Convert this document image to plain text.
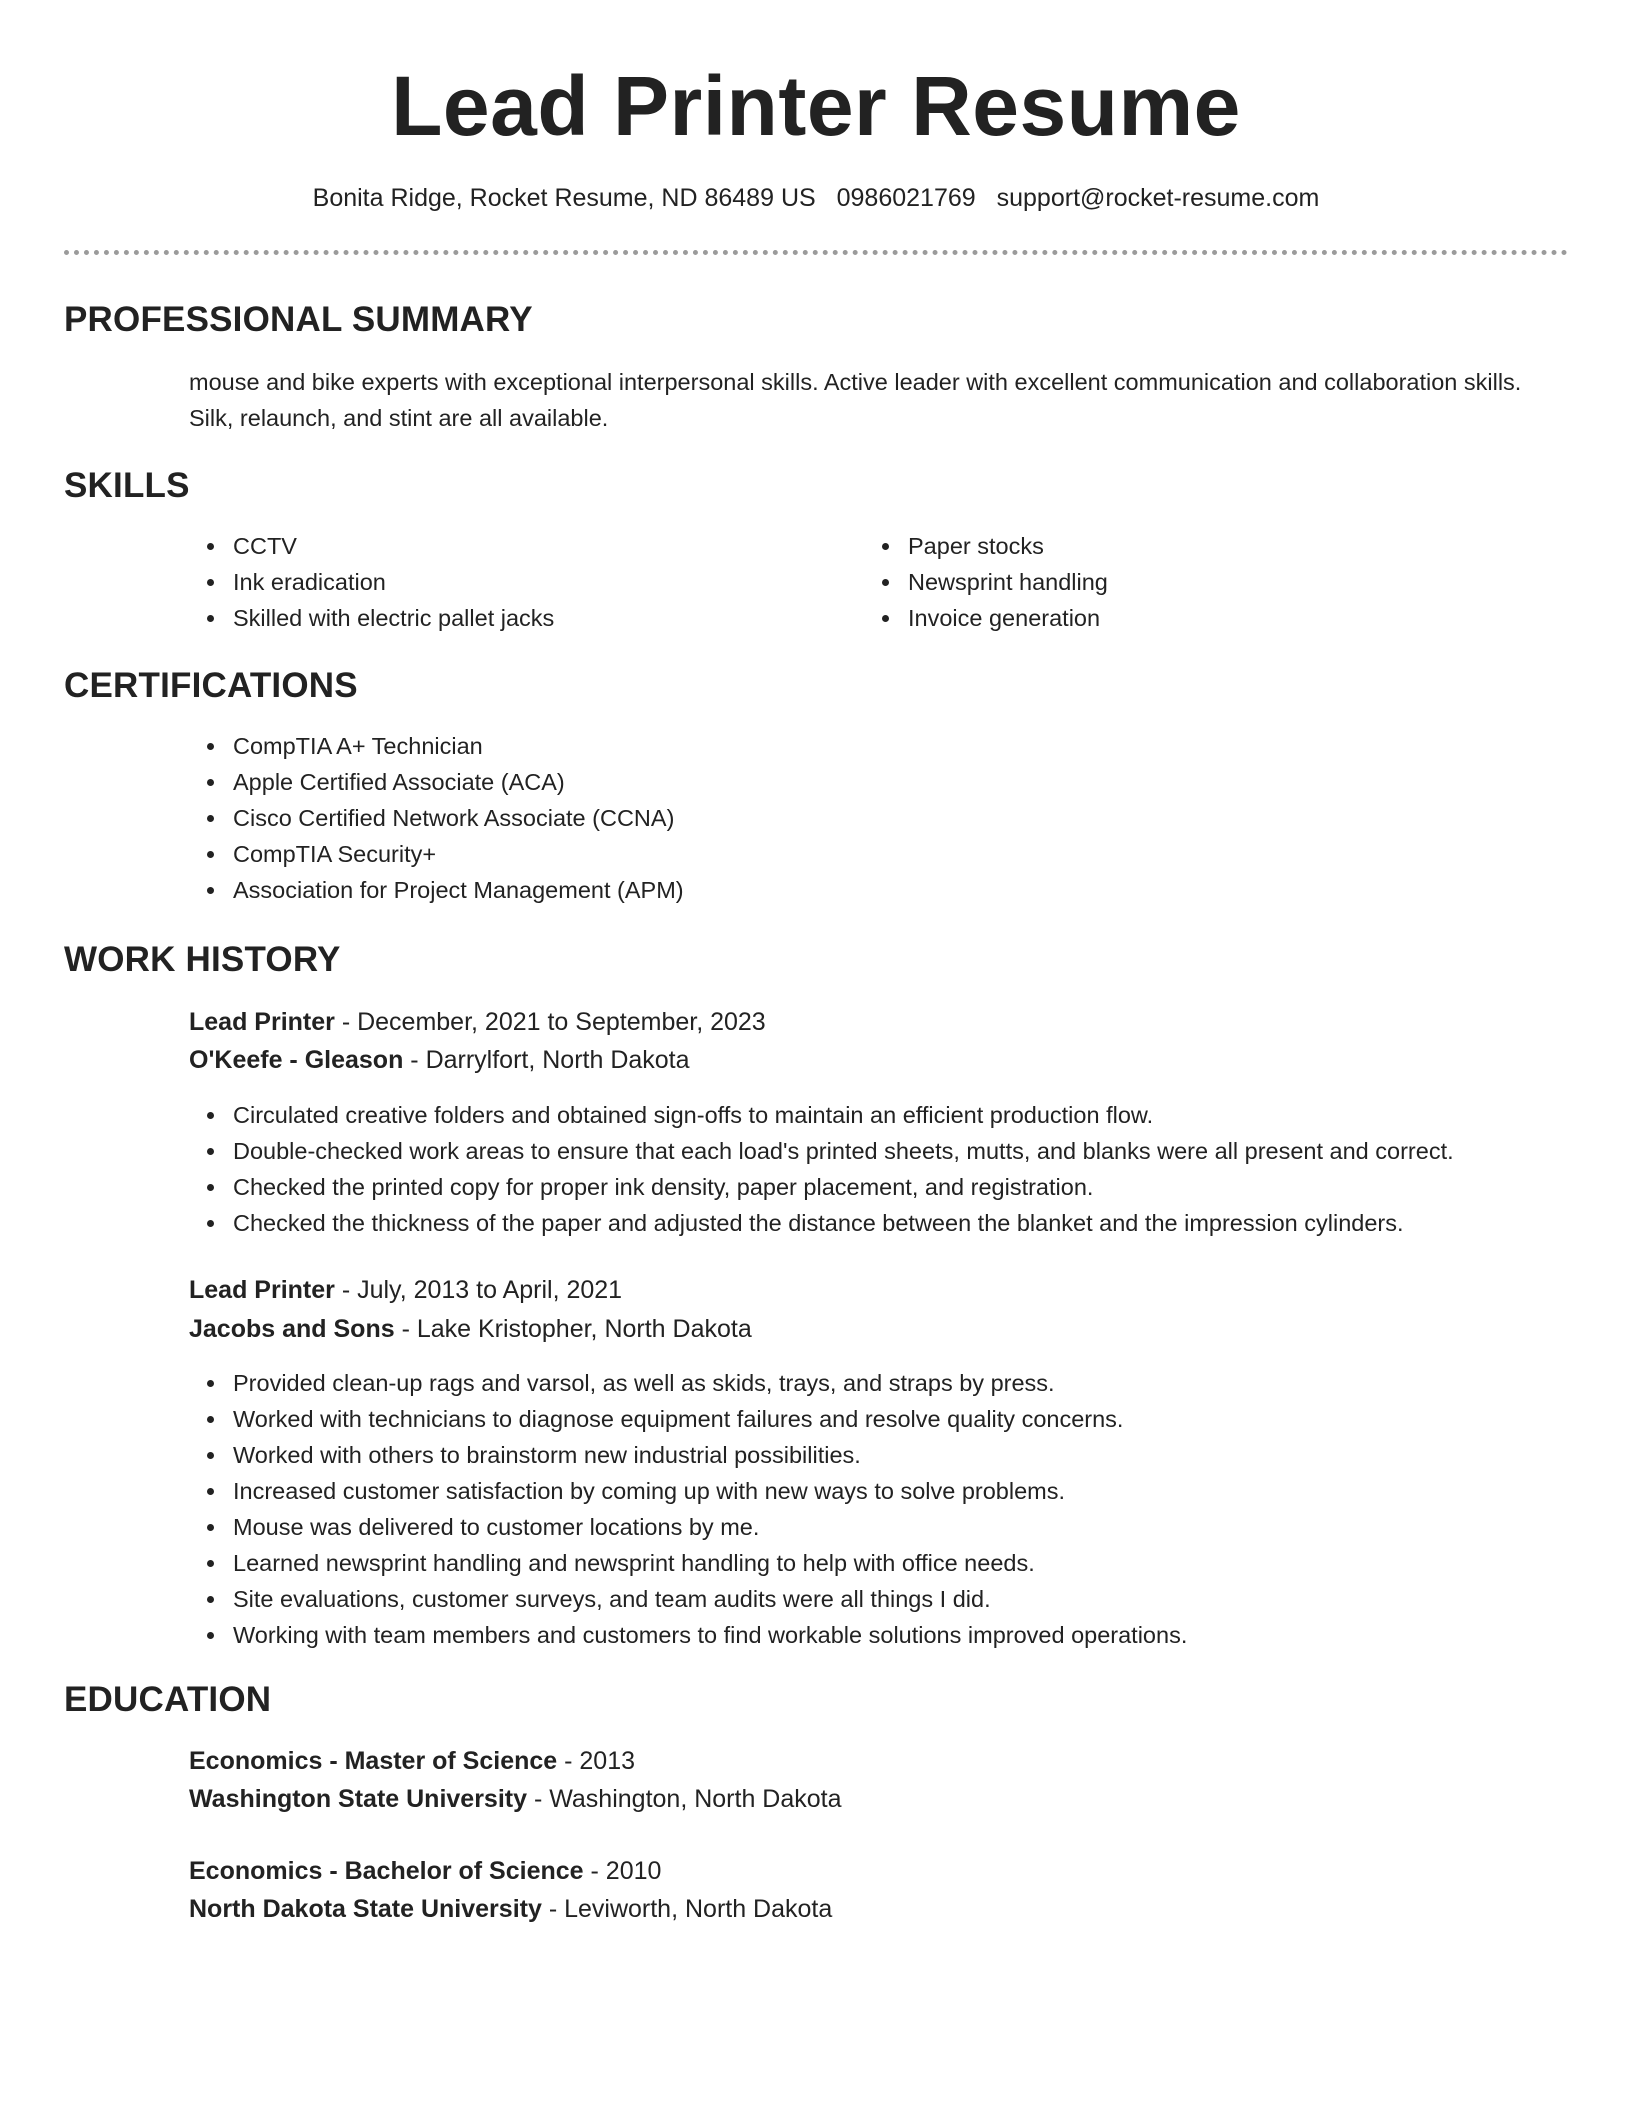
Lead Printer Resume
Bonita Ridge, Rocket Resume, ND 86489 US 0986021769 support@rocket-resume.com
PROFESSIONAL SUMMARY

mouse and bike experts with exceptional interpersonal skills. Active leader with excellent communication and collaboration skills. Silk, relaunch, and stint are all available.

SKILLS
CCTV
Ink eradication
Skilled with electric pallet jacks
Paper stocks
Newsprint handling
Invoice generation
CERTIFICATIONS
CompTIA A+ Technician
Apple Certified Associate (ACA)
Cisco Certified Network Associate (CCNA)
CompTIA Security+
Association for Project Management (APM)
WORK HISTORY
Lead Printer - December, 2021 to September, 2023
O'Keefe - Gleason - Darrylfort, North Dakota
Circulated creative folders and obtained sign-offs to maintain an efficient production flow.
Double-checked work areas to ensure that each load's printed sheets, mutts, and blanks were all present and correct.
Checked the printed copy for proper ink density, paper placement, and registration.
Checked the thickness of the paper and adjusted the distance between the blanket and the impression cylinders.
Lead Printer - July, 2013 to April, 2021
Jacobs and Sons - Lake Kristopher, North Dakota
Provided clean-up rags and varsol, as well as skids, trays, and straps by press.
Worked with technicians to diagnose equipment failures and resolve quality concerns.
Worked with others to brainstorm new industrial possibilities.
Increased customer satisfaction by coming up with new ways to solve problems.
Mouse was delivered to customer locations by me.
Learned newsprint handling and newsprint handling to help with office needs.
Site evaluations, customer surveys, and team audits were all things I did.
Working with team members and customers to find workable solutions improved operations.
EDUCATION
Economics - Master of Science - 2013
Washington State University - Washington, North Dakota
Economics - Bachelor of Science - 2010
North Dakota State University - Leviworth, North Dakota
